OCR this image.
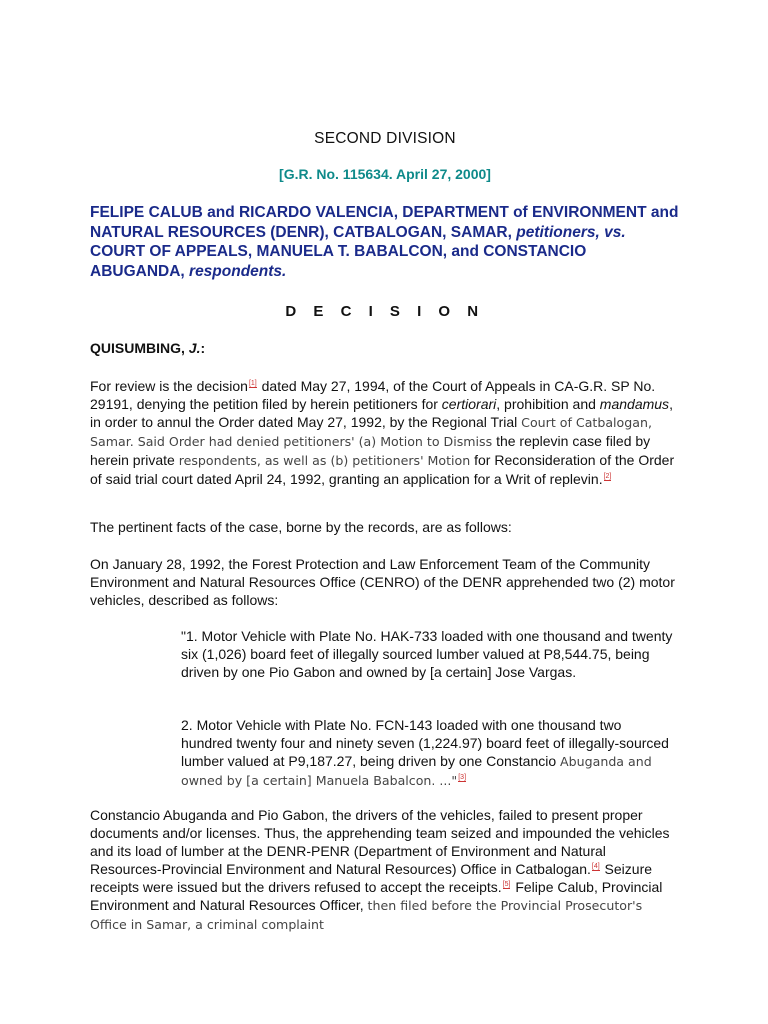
SECOND DIVISION
[G.R. No. 115634. April 27, 2000]
FELIPE CALUB and RICARDO VALENCIA, DEPARTMENT of ENVIRONMENT and NATURAL RESOURCES (DENR), CATBALOGAN, SAMAR, petitioners, vs. COURT OF APPEALS, MANUELA T. BABALCON, and CONSTANCIO ABUGANDA, respondents.
D E C I S I O N
QUISUMBING, J.:
For review is the decision[1] dated May 27, 1994, of the Court of Appeals in CA-G.R. SP No. 29191, denying the petition filed by herein petitioners for certiorari, prohibition and mandamus, in order to annul the Order dated May 27, 1992, by the Regional Trial Court of Catbalogan, Samar. Said Order had denied petitioners' (a) Motion to Dismiss the replevin case filed by herein private respondents, as well as (b) petitioners' Motion for Reconsideration of the Order of said trial court dated April 24, 1992, granting an application for a Writ of replevin.[2]
The pertinent facts of the case, borne by the records, are as follows:
On January 28, 1992, the Forest Protection and Law Enforcement Team of the Community Environment and Natural Resources Office (CENRO) of the DENR apprehended two (2) motor vehicles, described as follows:
"1. Motor Vehicle with Plate No. HAK-733 loaded with one thousand and twenty six (1,026) board feet of illegally sourced lumber valued at P8,544.75, being driven by one Pio Gabon and owned by [a certain] Jose Vargas.
2. Motor Vehicle with Plate No. FCN-143 loaded with one thousand two hundred twenty four and ninety seven (1,224.97) board feet of illegally-sourced lumber valued at P9,187.27, being driven by one Constancio Abuganda and owned by [a certain] Manuela Babalcon. ..."[3]
Constancio Abuganda and Pio Gabon, the drivers of the vehicles, failed to present proper documents and/or licenses. Thus, the apprehending team seized and impounded the vehicles and its load of lumber at the DENR-PENR (Department of Environment and Natural Resources-Provincial Environment and Natural Resources) Office in Catbalogan.[4] Seizure receipts were issued but the drivers refused to accept the receipts.[5] Felipe Calub, Provincial Environment and Natural Resources Officer, then filed before the Provincial Prosecutor's Office in Samar, a criminal complaint
